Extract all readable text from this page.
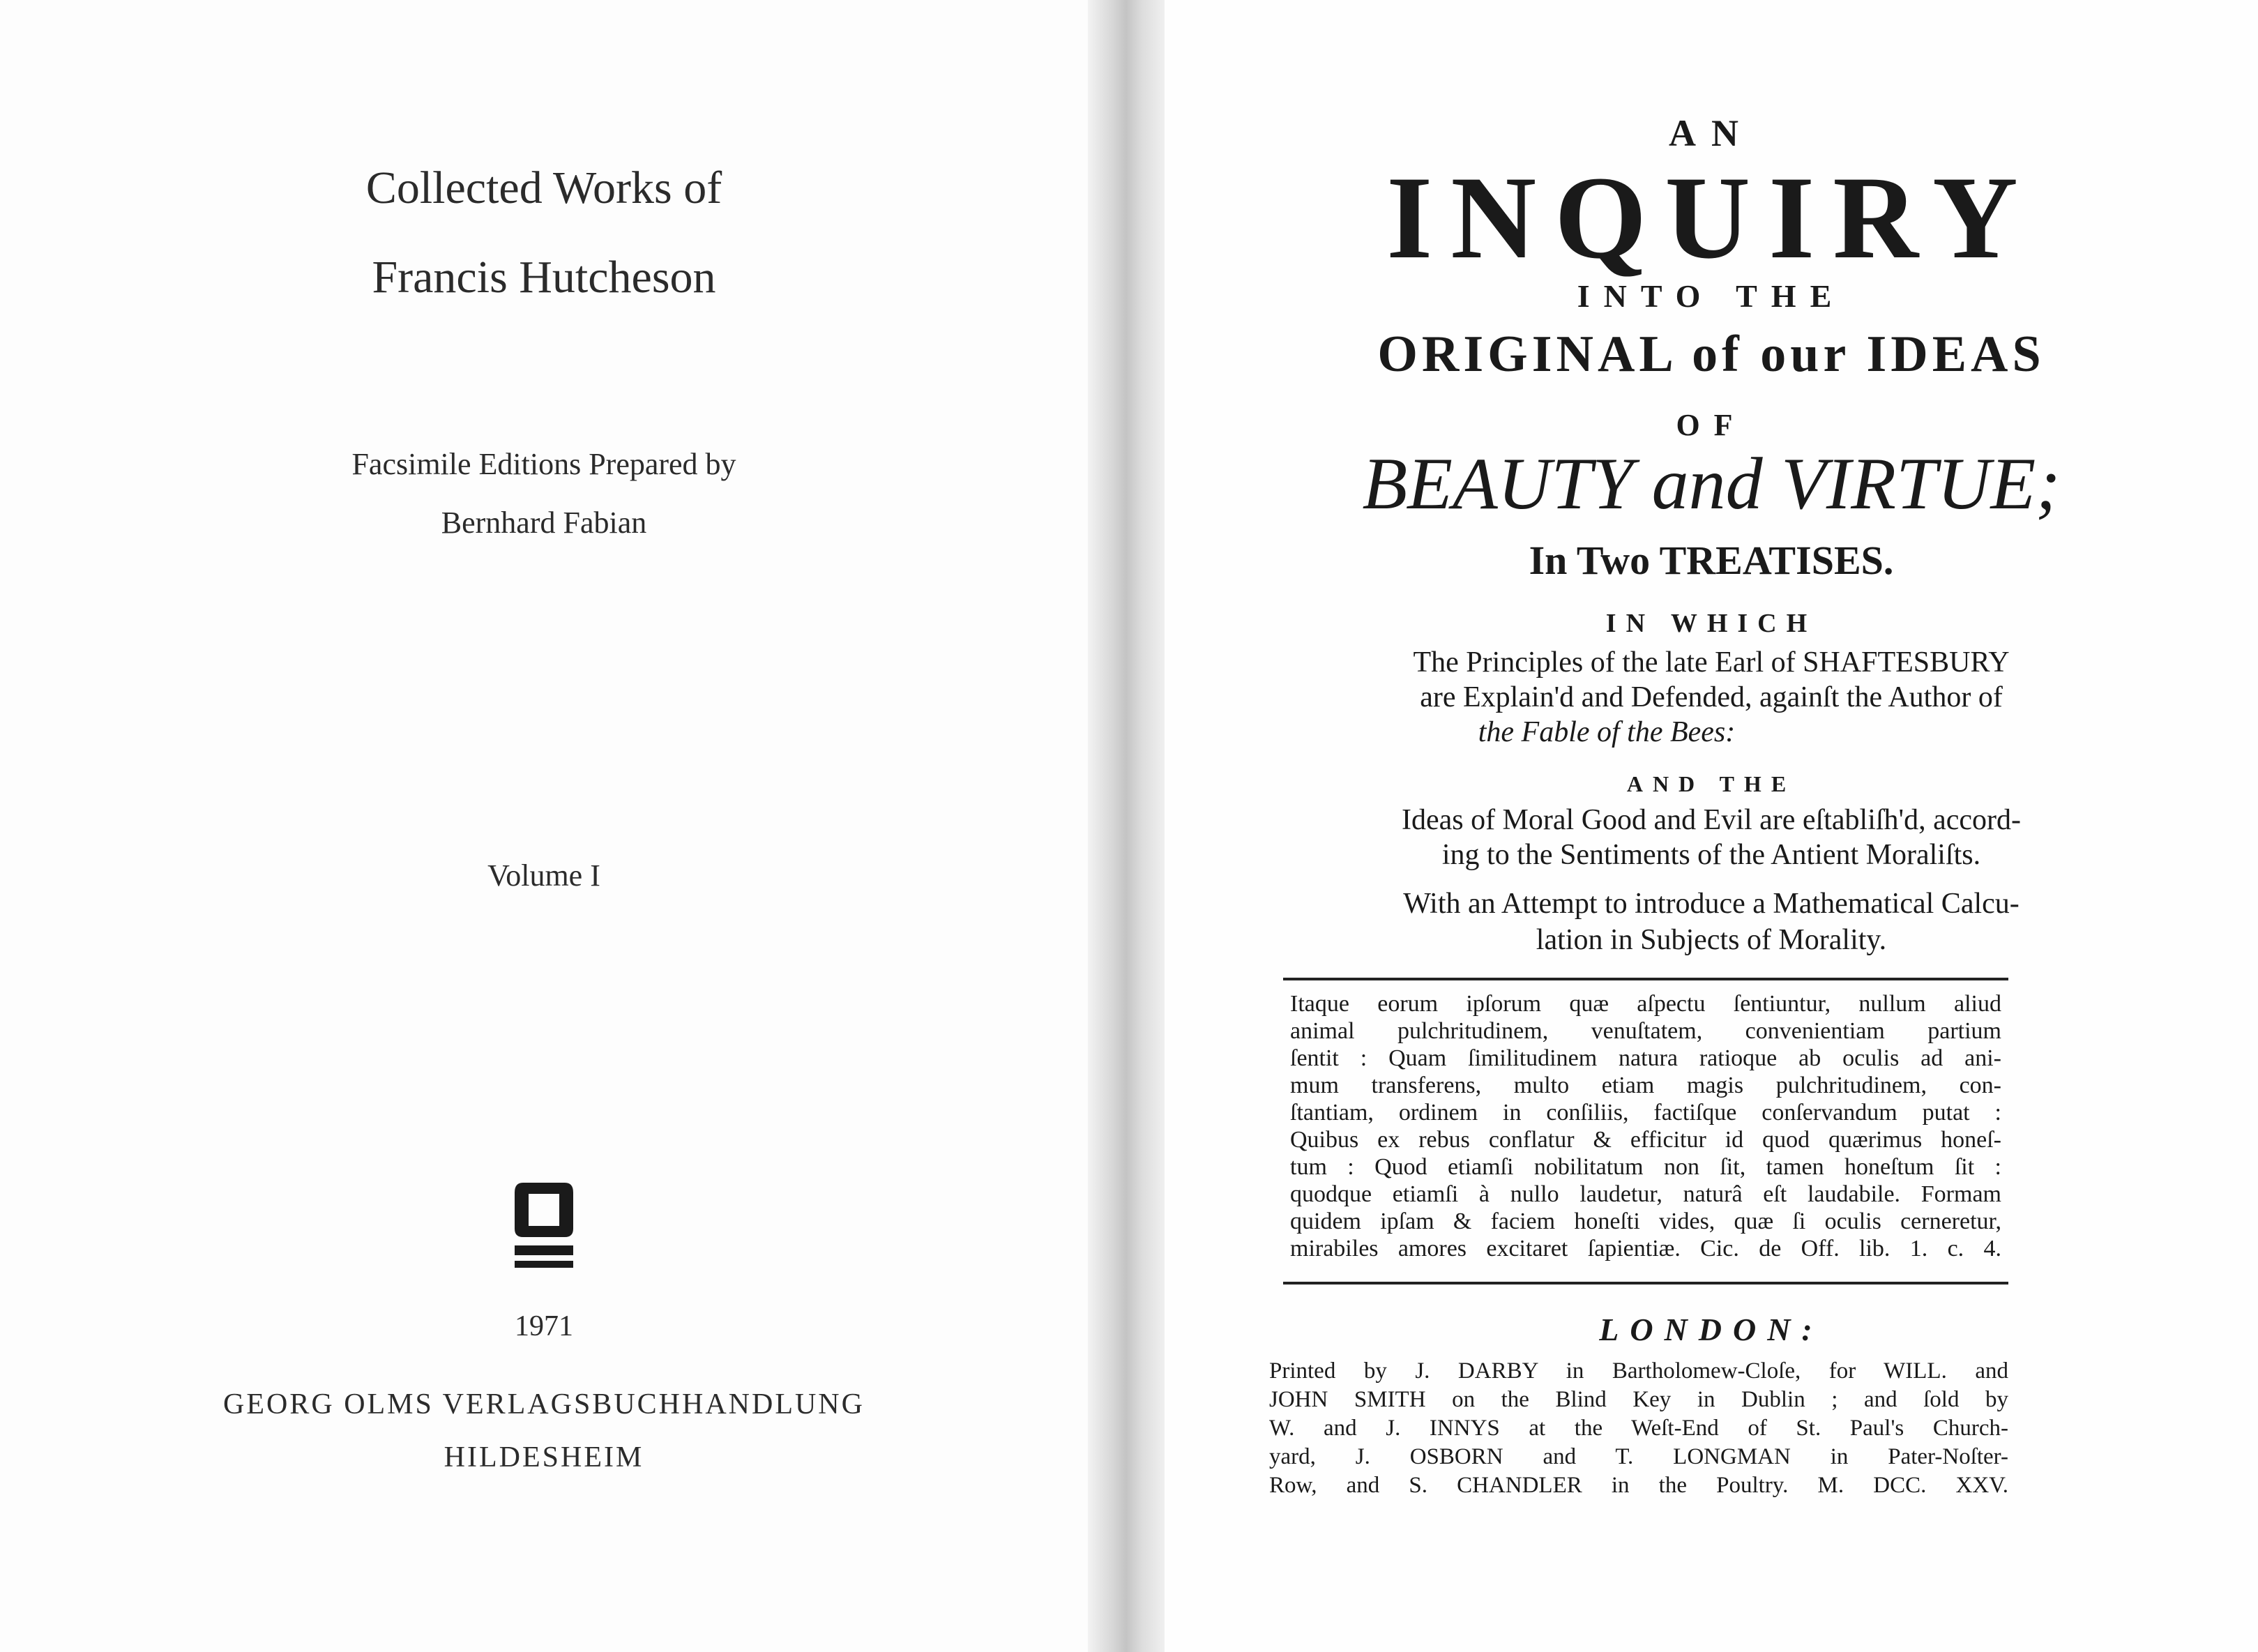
Collected Works of
Francis Hutcheson
Facsimile Editions Prepared by
Bernhard Fabian
Volume I
1971
GEORG OLMS VERLAGSBUCHHANDLUNG
HILDESHEIM
AN
INQUIRY
INTO THE
ORIGINAL of our IDEAS
OF
BEAUTY and VIRTUE;
In Two TREATISES.
IN WHICH
The Principles of the late Earl of SHAFTESBURY
are Explain'd and Defended, againſt the Author of
the Fable of the Bees:
AND THE
Ideas of Moral Good and Evil are eſtabliſh'd, accord-
ing to the Sentiments of the Antient Moraliſts.
With an Attempt to introduce a Mathematical Calcu-
lation in Subjects of Morality.
Itaque eorum ipſorum quæ aſpectu ſentiuntur, nullum aliud
animal pulchritudinem, venuſtatem, convenientiam partium
ſentit : Quam ſimilitudinem natura ratioque ab oculis ad ani-
mum transferens, multo etiam magis pulchritudinem, con-
ſtantiam, ordinem in conſiliis, factiſque conſervandum putat :
Quibus ex rebus conflatur & efficitur id quod quærimus honeſ-
tum : Quod etiamſi nobilitatum non ſit, tamen honeſtum ſit :
quodque etiamſi à nullo laudetur, naturâ eſt laudabile. Formam
quidem ipſam & faciem honeſti vides, quæ ſi oculis cerneretur,
mirabiles amores excitaret ſapientiæ. Cic. de Off. lib. 1. c. 4.
LONDON:
Printed by J. DARBY in Bartholomew-Cloſe, for WILL. and
JOHN SMITH on the Blind Key in Dublin ; and ſold by
W. and J. INNYS at the Weſt-End of St. Paul's Church-
yard, J. OSBORN and T. LONGMAN in Pater-Noſter-
Row, and S. CHANDLER in the Poultry. M. DCC. XXV.
